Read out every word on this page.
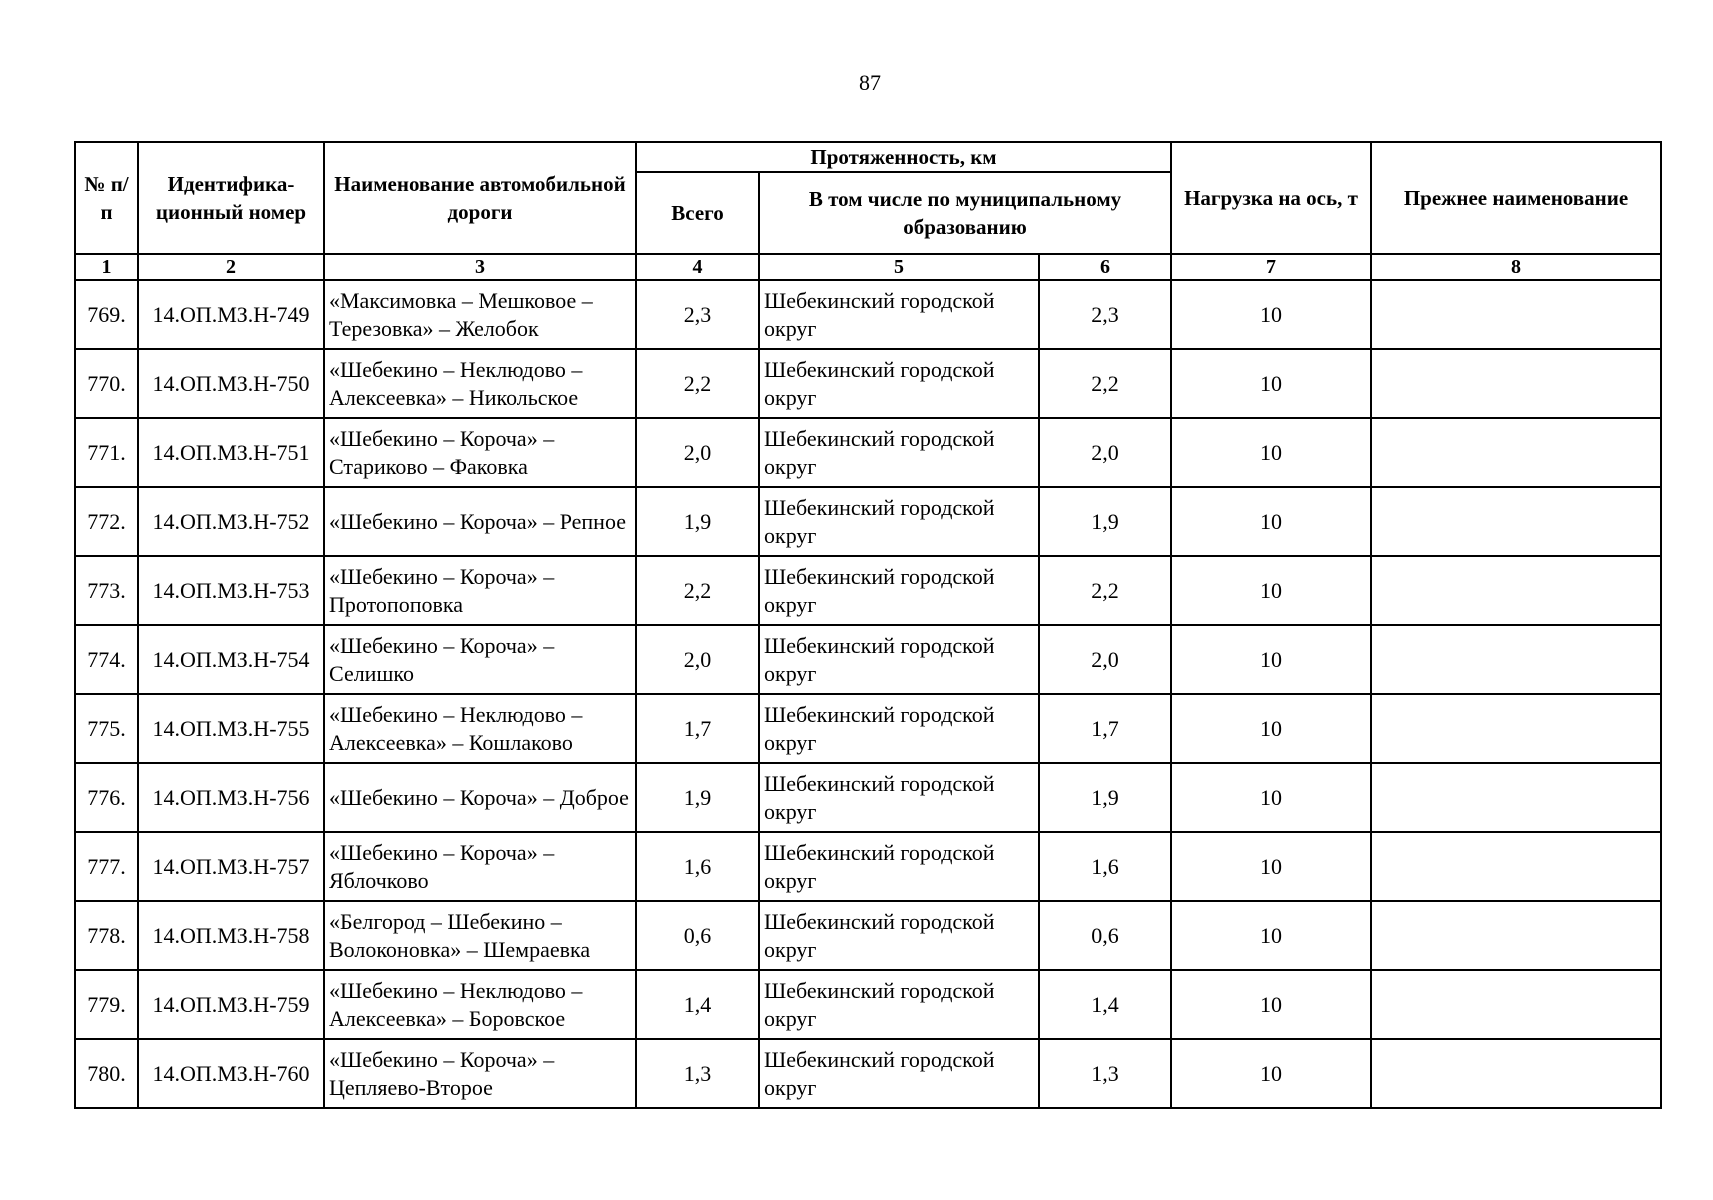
87
№ п/п	Идентифика-ционный номер	Наименование автомобильной дороги	Протяженность, км			Нагрузка на ось, т	Прежнее наименование
			Всего	В том числе по муниципальному образованию			
1	2	3	4	5	6	7	8
769.	14.ОП.МЗ.Н-749	«Максимовка – Мешковое – Терезовка» – Желобок	2,3	Шебекинский городской округ	2,3	10	
770.	14.ОП.МЗ.Н-750	«Шебекино – Неклюдово – Алексеевка» – Никольское	2,2	Шебекинский городской округ	2,2	10	
771.	14.ОП.МЗ.Н-751	«Шебекино – Короча» – Стариково – Факовка	2,0	Шебекинский городской округ	2,0	10	
772.	14.ОП.МЗ.Н-752	«Шебекино – Короча» – Репное	1,9	Шебекинский городской округ	1,9	10	
773.	14.ОП.МЗ.Н-753	«Шебекино – Короча» – Протопоповка	2,2	Шебекинский городской округ	2,2	10	
774.	14.ОП.МЗ.Н-754	«Шебекино – Короча» – Селишко	2,0	Шебекинский городской округ	2,0	10	
775.	14.ОП.МЗ.Н-755	«Шебекино – Неклюдово – Алексеевка» – Кошлаково	1,7	Шебекинский городской округ	1,7	10	
776.	14.ОП.МЗ.Н-756	«Шебекино – Короча» – Доброе	1,9	Шебекинский городской округ	1,9	10	
777.	14.ОП.МЗ.Н-757	«Шебекино – Короча» – Яблочково	1,6	Шебекинский городской округ	1,6	10	
778.	14.ОП.МЗ.Н-758	«Белгород – Шебекино – Волоконовка» – Шемраевка	0,6	Шебекинский городской округ	0,6	10	
779.	14.ОП.МЗ.Н-759	«Шебекино – Неклюдово – Алексеевка» – Боровское	1,4	Шебекинский городской округ	1,4	10	
780.	14.ОП.МЗ.Н-760	«Шебекино – Короча» – Цепляево-Второе	1,3	Шебекинский городской округ	1,3	10	
